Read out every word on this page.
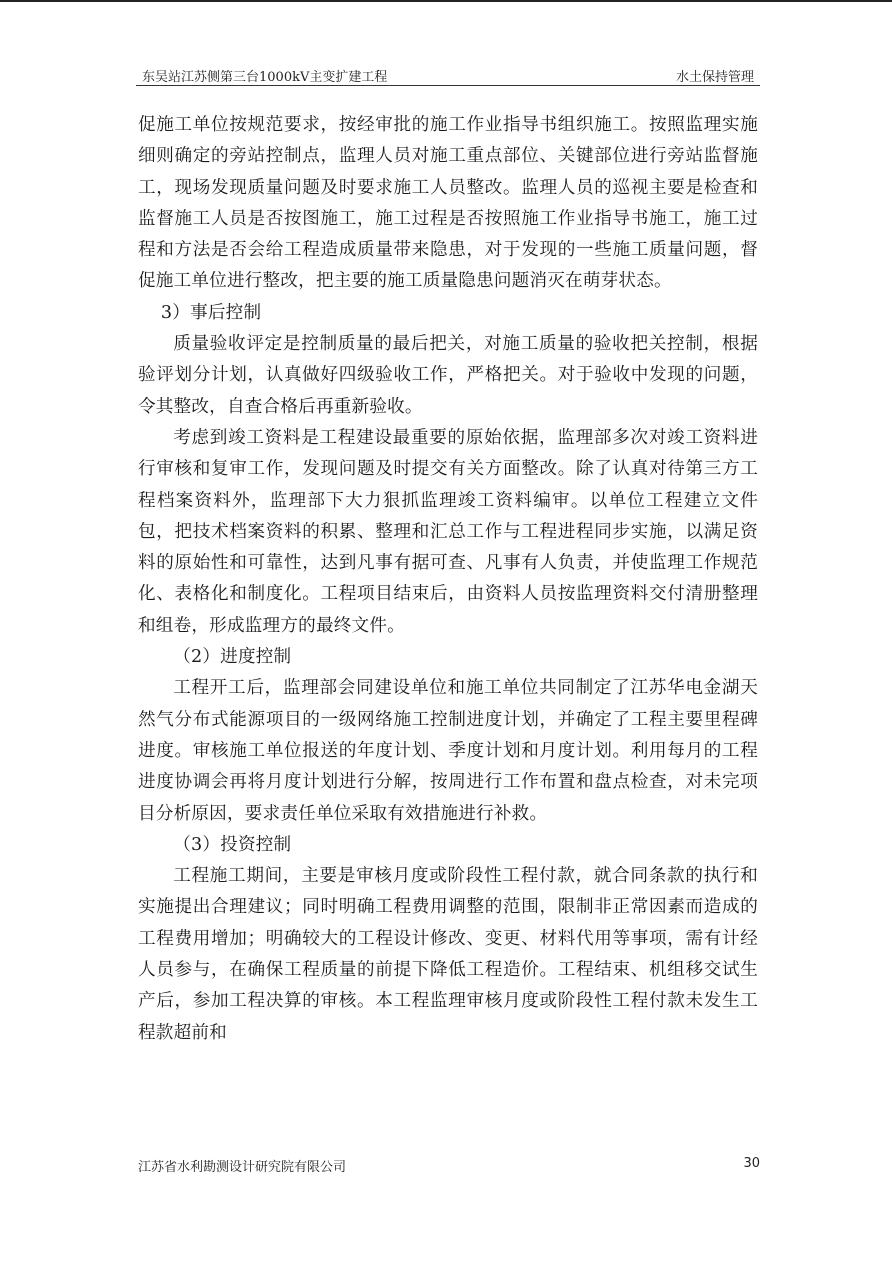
东吴站江苏侧第三台1000kV主变扩建工程	水土保持管理

促施工单位按规范要求，按经审批的施工作业指导书组织施工。按照监理实施细则确定的旁站控制点，监理人员对施工重点部位、关键部位进行旁站监督施工，现场发现质量问题及时要求施工人员整改。监理人员的巡视主要是检查和监督施工人员是否按图施工，施工过程是否按照施工作业指导书施工，施工过程和方法是否会给工程造成质量带来隐患，对于发现的一些施工质量问题，督促施工单位进行整改，把主要的施工质量隐患问题消灭在萌芽状态。

3）事后控制

质量验收评定是控制质量的最后把关，对施工质量的验收把关控制，根据验评划分计划，认真做好四级验收工作，严格把关。对于验收中发现的问题，令其整改，自查合格后再重新验收。

考虑到竣工资料是工程建设最重要的原始依据，监理部多次对竣工资料进行审核和复审工作，发现问题及时提交有关方面整改。除了认真对待第三方工程档案资料外，监理部下大力狠抓监理竣工资料编审。以单位工程建立文件包，把技术档案资料的积累、整理和汇总工作与工程进程同步实施，以满足资料的原始性和可靠性，达到凡事有据可查、凡事有人负责，并使监理工作规范化、表格化和制度化。工程项目结束后，由资料人员按监理资料交付清册整理和组卷，形成监理方的最终文件。

（2）进度控制

工程开工后，监理部会同建设单位和施工单位共同制定了江苏华电金湖天然气分布式能源项目的一级网络施工控制进度计划，并确定了工程主要里程碑进度。审核施工单位报送的年度计划、季度计划和月度计划。利用每月的工程进度协调会再将月度计划进行分解，按周进行工作布置和盘点检查，对未完项目分析原因，要求责任单位采取有效措施进行补救。

（3）投资控制

工程施工期间，主要是审核月度或阶段性工程付款，就合同条款的执行和实施提出合理建议；同时明确工程费用调整的范围，限制非正常因素而造成的工程费用增加；明确较大的工程设计修改、变更、材料代用等事项，需有计经人员参与，在确保工程质量的前提下降低工程造价。工程结束、机组移交试生产后，参加工程决算的审核。本工程监理审核月度或阶段性工程付款未发生工程款超前和

江苏省水利勘测设计研究院有限公司	30
